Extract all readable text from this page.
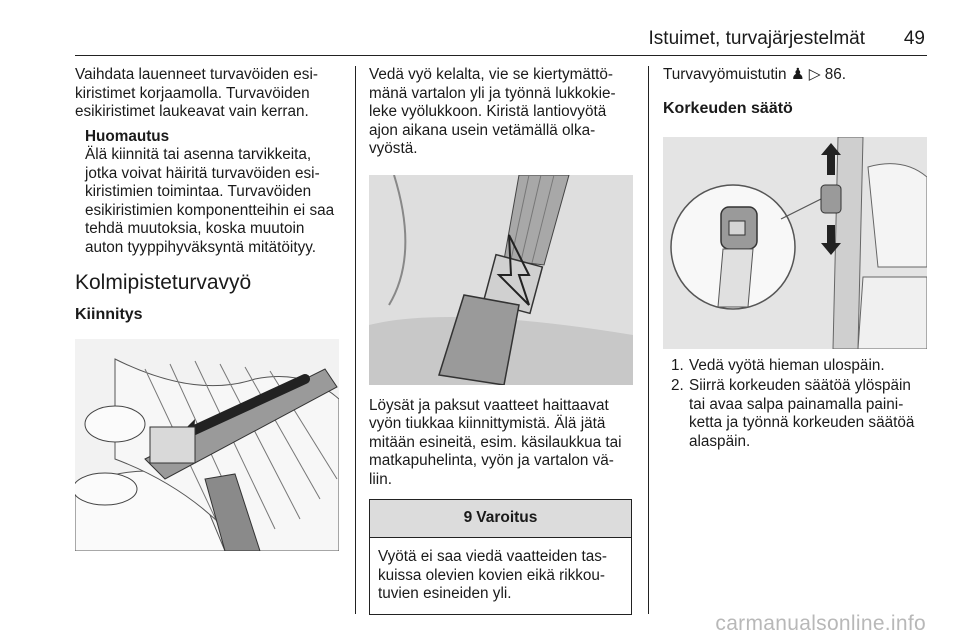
Istuimet, turvajärjestelmät 49

Vaihdata lauenneet turvavöiden esi-kiristimet korjaamolla. Turvavöiden esikiristimet laukeavat vain kerran.

Huomautus
Älä kiinnitä tai asenna tarvikkeita, jotka voivat häiritä turvavöiden esi-kiristimien toimintaa. Turvavöiden esikiristimien komponentteihin ei saa tehdä muutoksia, koska muutoin auton tyyppihyväksyntä mitätöityy.
Kolmipisteturvavyö
Kiinnitys

Vedä vyö kelalta, vie se kiertymättö-mänä vartalon yli ja työnnä lukkokie-leke vyölukkoon. Kiristä lantiovyötä ajon aikana usein vetämällä olka-vyöstä.

Löysät ja paksut vaatteet haittaavat vyön tiukkaa kiinnittymistä. Älä jätä mitään esineitä, esim. käsilaukkua tai matkapuhelinta, vyön ja vartalon vä-liin.

9 Varoitus
Vyötä ei saa viedä vaatteiden tas-kuissa olevien kovien eikä rikkou-tuvien esineiden yli.

Turvavyömuistutin ♟ ▷ 86.

Korkeuden säätö
1. Vedä vyötä hieman ulospäin.
2. Siirrä korkeuden säätöä ylöspäin tai avaa salpa painamalla paini-ketta ja työnnä korkeuden säätöä alaspäin.
carmanualsonline.info
